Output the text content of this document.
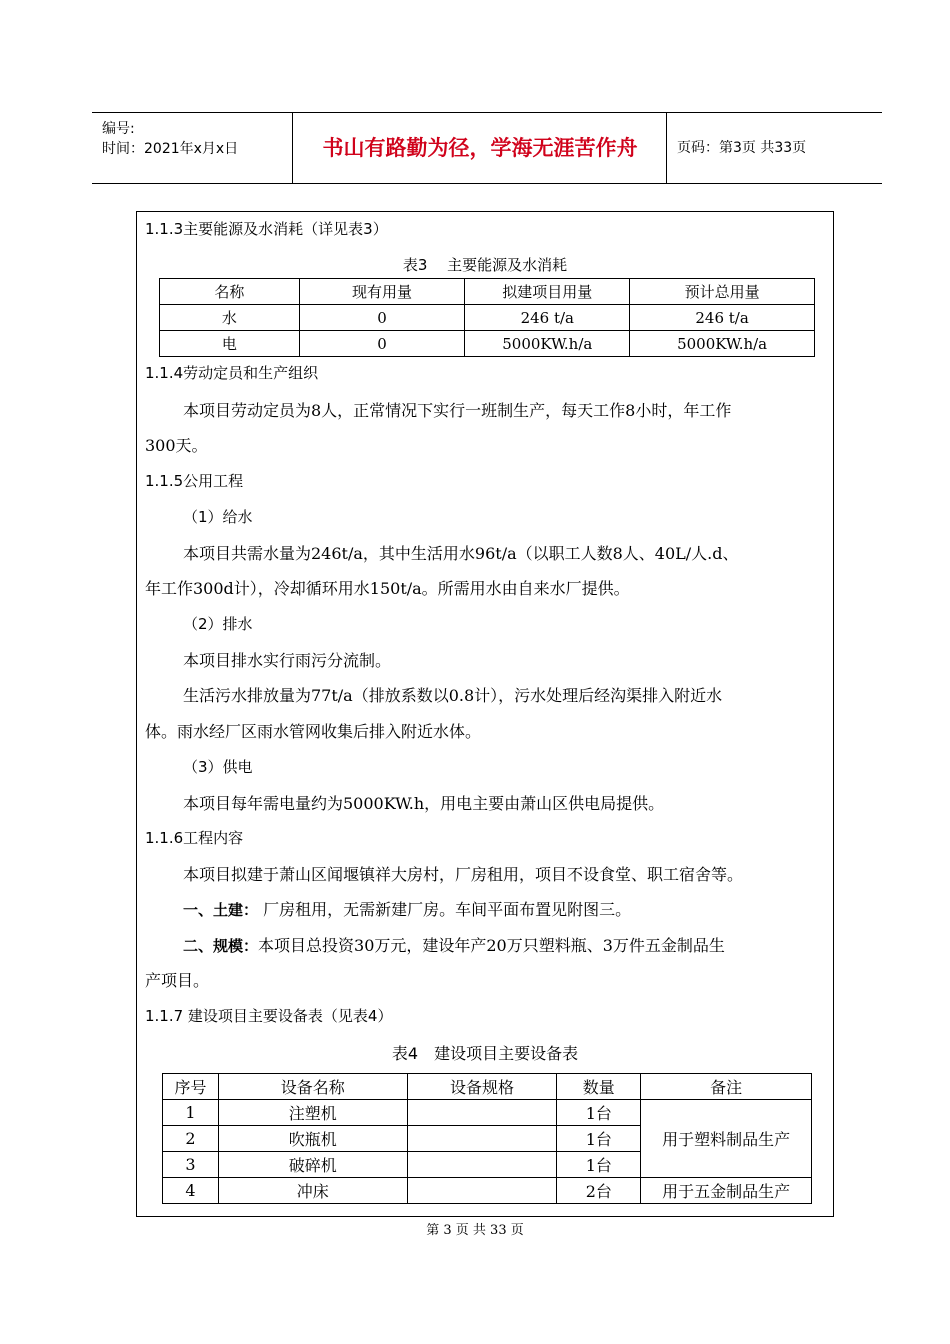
编号:
时间：2021年x月x日	书山有路勤为径，学海无涯苦作舟	页码：第3页 共33页
1.1.3主要能源及水消耗（详见表3）
表3　 主要能源及水消耗
名称	现有用量	拟建项目用量	预计总用量
水	0	246 t/a	246 t/a
电	0	5000KW.h/a	5000KW.h/a
1.1.4劳动定员和生产组织
本项目劳动定员为8人，正常情况下实行一班制生产，每天工作8小时，年工作
300天。
1.1.5公用工程
（1）给水
本项目共需水量为246t/a，其中生活用水96t/a（以职工人数8人、40L/人.d、
年工作300d计），冷却循环用水150t/a。所需用水由自来水厂提供。
（2）排水
本项目排水实行雨污分流制。
生活污水排放量为77t/a（排放系数以0.8计），污水处理后经沟渠排入附近水
体。雨水经厂区雨水管网收集后排入附近水体。
（3）供电
本项目每年需电量约为5000KW.h，用电主要由萧山区供电局提供。
1.1.6工程内容
本项目拟建于萧山区闻堰镇祥大房村，厂房租用，项目不设食堂、职工宿舍等。
一、土建： 厂房租用，无需新建厂房。车间平面布置见附图三。
二、规模：本项目总投资30万元，建设年产20万只塑料瓶、3万件五金制品生
产项目。
1.1.7 建设项目主要设备表（见表4）
表4　建设项目主要设备表
序号	设备名称	设备规格	数量	备注
1	注塑机		1台	用于塑料制品生产
2	吹瓶机		1台	
3	破碎机		1台	
4	冲床		2台	用于五金制品生产
第 3 页 共 33 页
